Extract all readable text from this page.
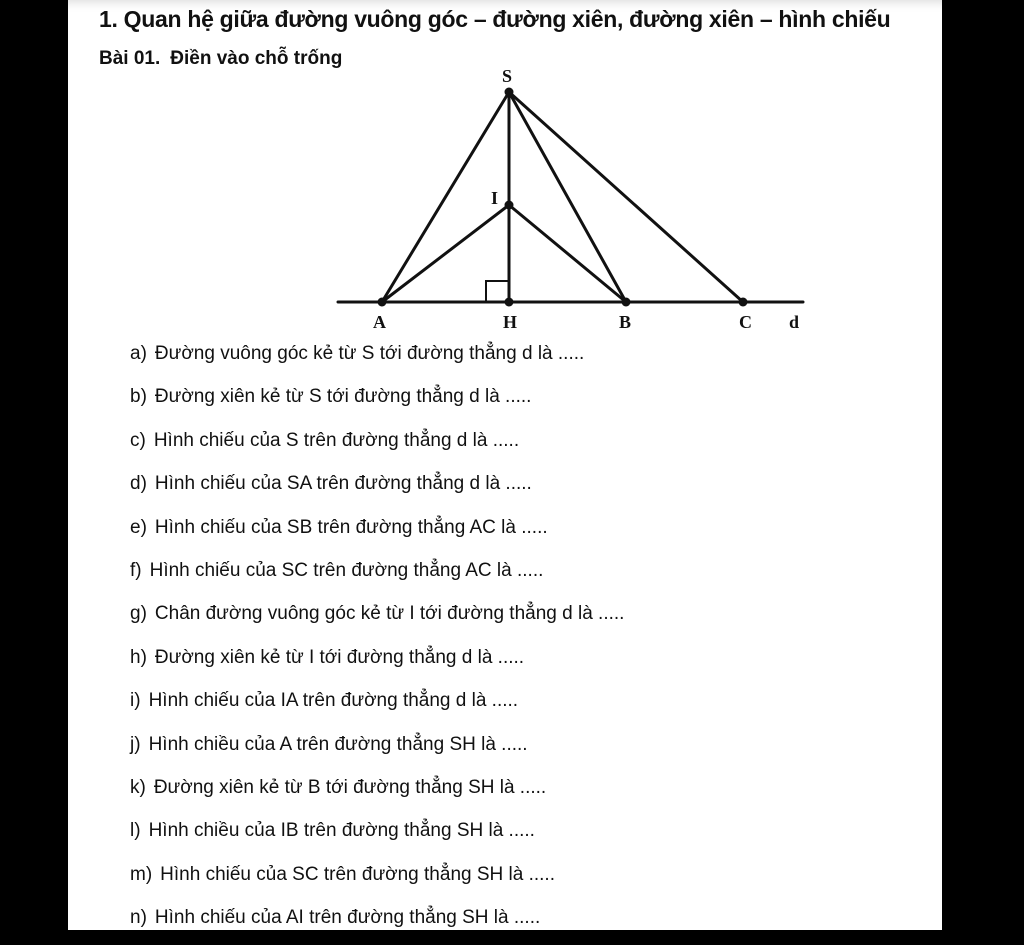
1. Quan hệ giữa đường vuông góc – đường xiên, đường xiên – hình chiếu
Bài 01. Điền vào chỗ trống
S
I
A	H	B	C d
a) Đường vuông góc kẻ từ S tới đường thẳng d là .....
b) Đường xiên kẻ từ S tới đường thẳng d là .....
c) Hình chiếu của S trên đường thẳng d là .....
d) Hình chiếu của SA trên đường thẳng d là .....
e) Hình chiếu của SB trên đường thẳng AC là .....
f) Hình chiếu của SC trên đường thẳng AC là .....
g) Chân đường vuông góc kẻ từ I tới đường thẳng d là .....
h) Đường xiên kẻ từ I tới đường thẳng d là .....
i) Hình chiếu của IA trên đường thẳng d là .....
j) Hình chiều của A trên đường thẳng SH là .....
k) Đường xiên kẻ từ B tới đường thẳng SH là .....
l) Hình chiều của IB trên đường thẳng SH là .....
m) Hình chiếu của SC trên đường thẳng SH là .....
n) Hình chiếu của AI trên đường thẳng SH là .....
